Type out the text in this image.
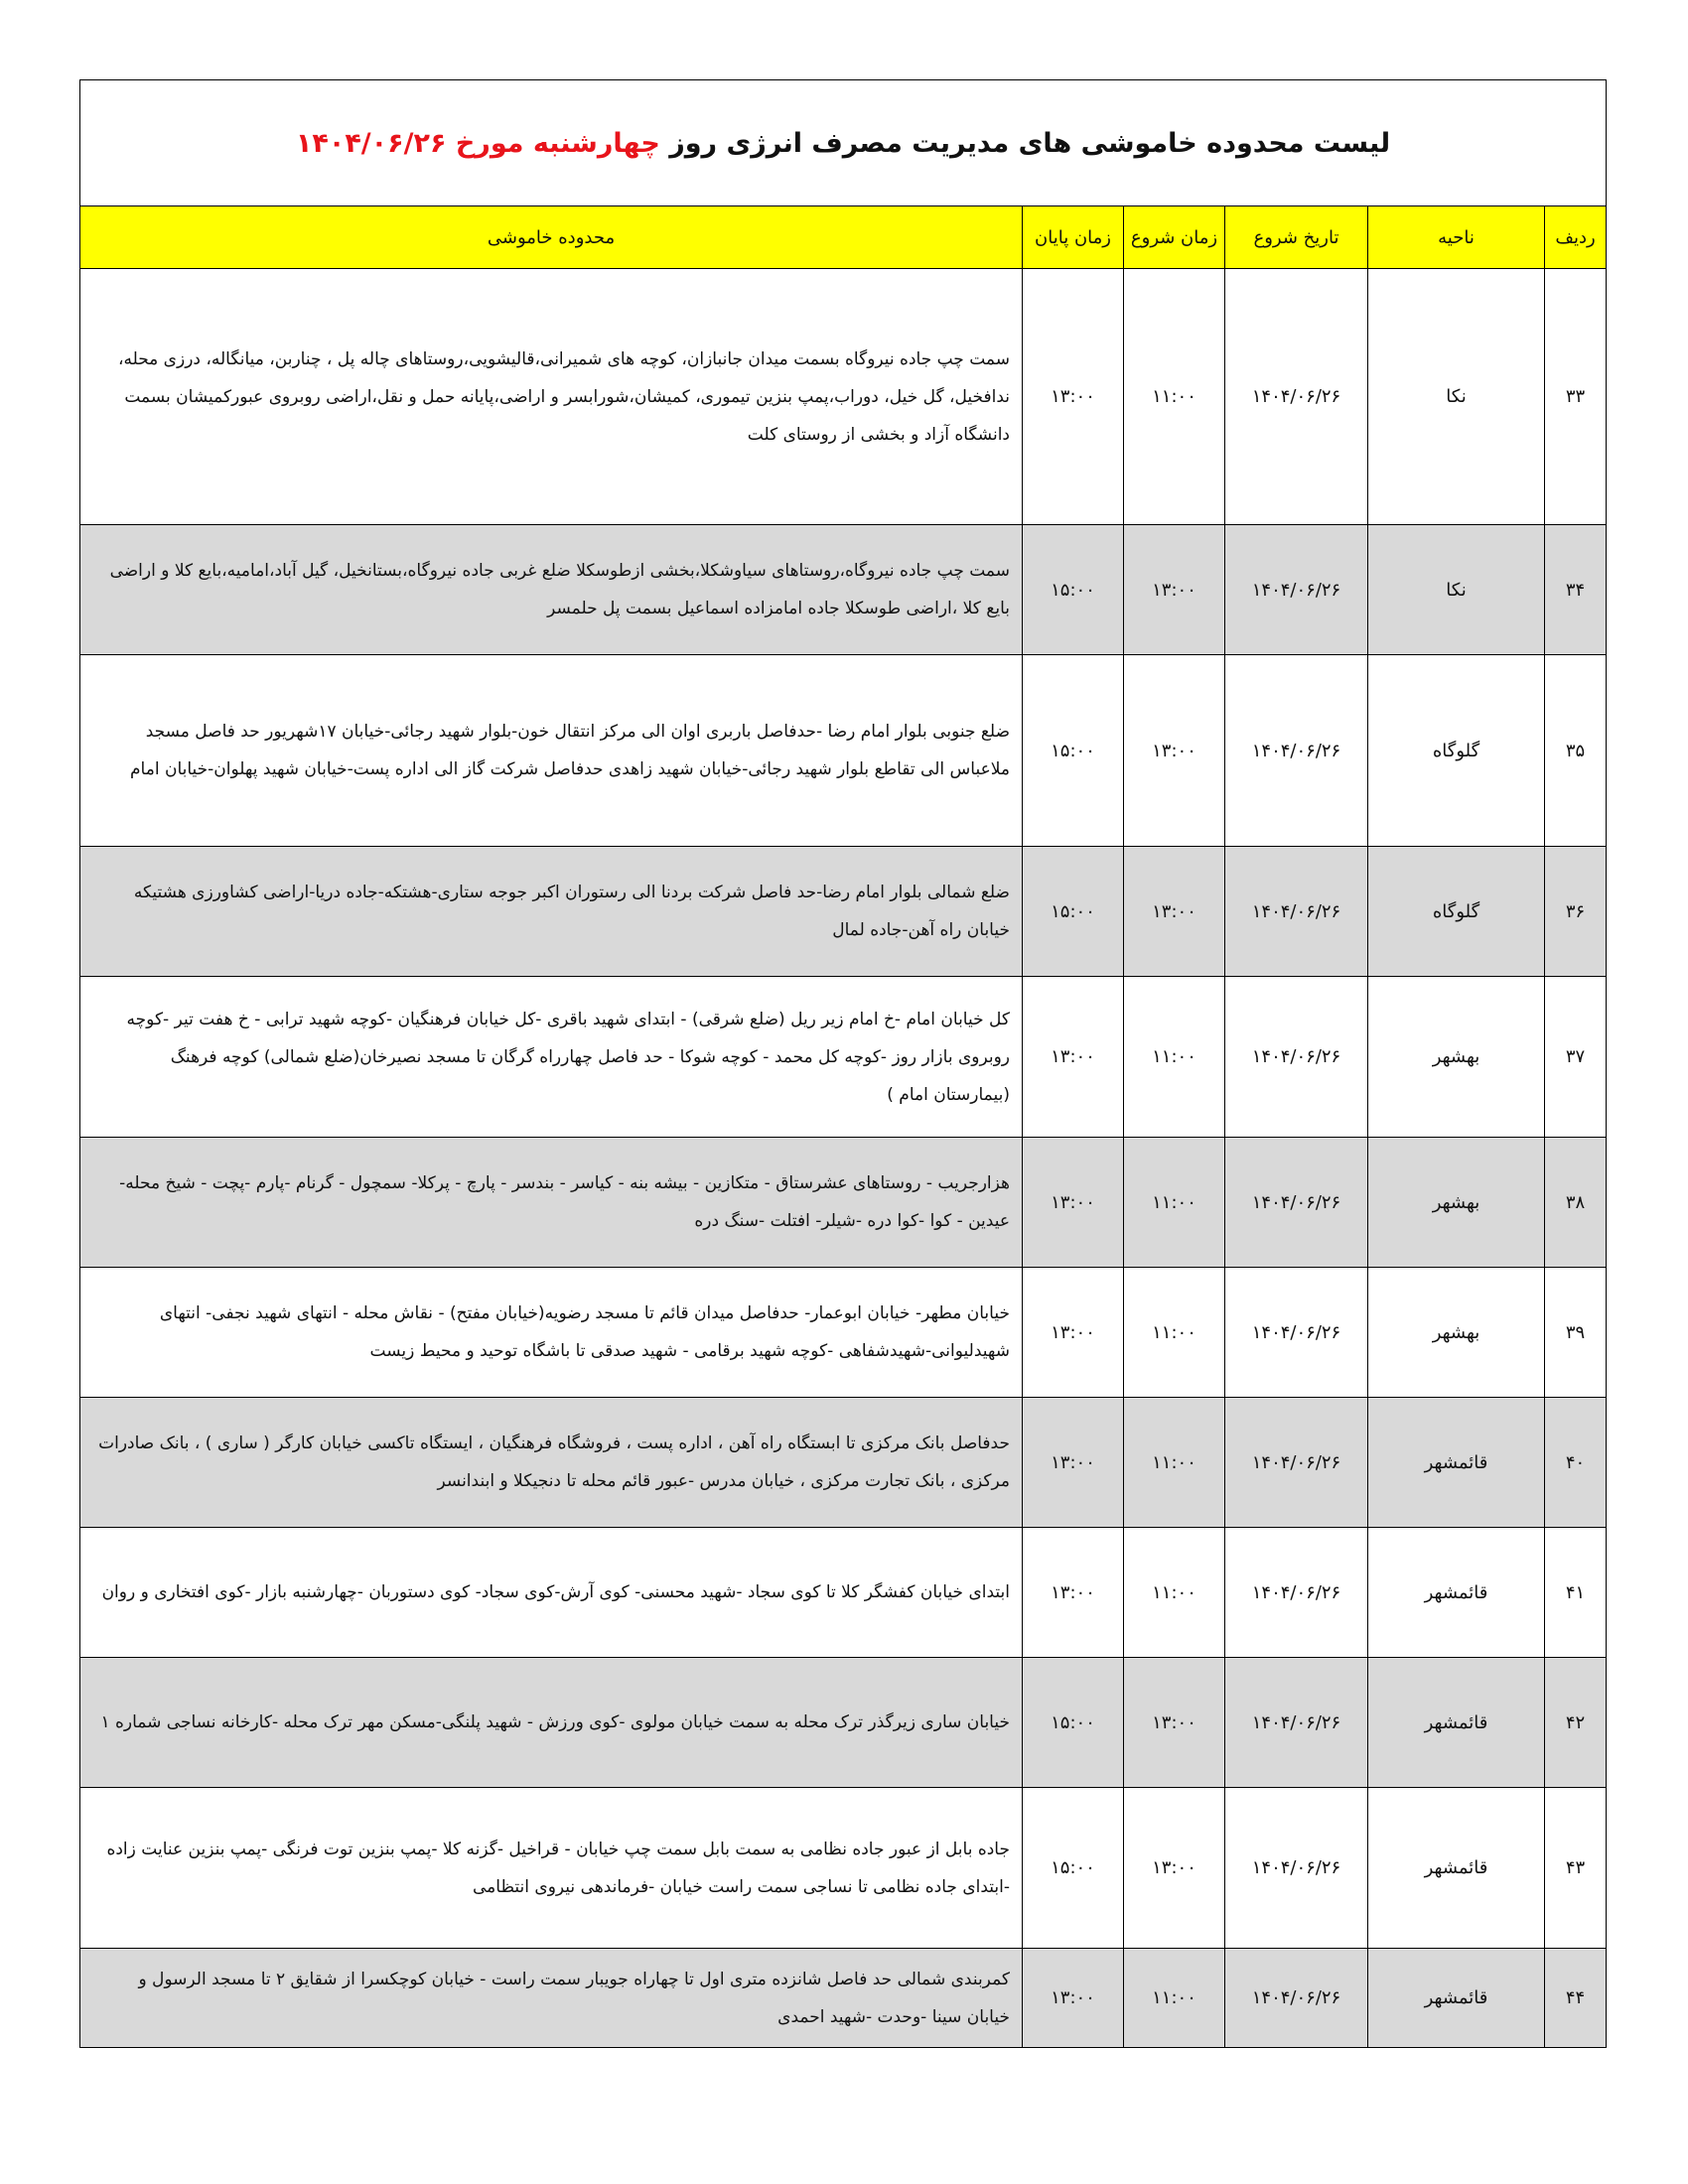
لیست محدوده خاموشی های مدیریت مصرف انرژی روز چهارشنبه مورخ ۱۴۰۴/۰۶/۲۶					
ردیف	ناحیه	تاریخ شروع	زمان شروع	زمان پایان	محدوده خاموشی
۳۳	نکا	۱۴۰۴/۰۶/۲۶	۱۱:۰۰	۱۳:۰۰	سمت چپ جاده نیروگاه بسمت میدان جانبازان، کوچه های شمیرانی،قالیشویی،روستاهای چاله پل ، چناربن، میانگاله، درزی محله، ندافخیل، گل خیل، دوراب،پمپ بنزین تیموری، کمیشان،شورابسر و اراضی،پایانه حمل و نقل،اراضی روبروی عبورکمیشان بسمت دانشگاه آزاد و بخشی از روستای کلت
۳۴	نکا	۱۴۰۴/۰۶/۲۶	۱۳:۰۰	۱۵:۰۰	سمت چپ جاده نیروگاه،روستاهای سیاوشکلا،بخشی ازطوسکلا ضلع غربی جاده نیروگاه،بستانخیل، گیل آباد،امامیه،بایع کلا و اراضی بایع کلا ،اراضی طوسکلا جاده امامزاده اسماعیل بسمت پل حلمسر
۳۵	گلوگاه	۱۴۰۴/۰۶/۲۶	۱۳:۰۰	۱۵:۰۰	ضلع جنوبی بلوار امام رضا -حدفاصل باربری اوان الی مرکز انتقال خون-بلوار شهید رجائی-خیابان ۱۷شهریور حد فاصل مسجد ملاعباس الی تقاطع بلوار شهید رجائی-خیابان شهید زاهدی حدفاصل شرکت گاز الی اداره پست-خیابان شهید پهلوان-خیابان امام
۳۶	گلوگاه	۱۴۰۴/۰۶/۲۶	۱۳:۰۰	۱۵:۰۰	ضلع شمالی بلوار امام رضا-حد فاصل شرکت بردنا الی رستوران اکبر جوجه ستاری-هشتکه-جاده دریا-اراضی کشاورزی هشتیکه خیابان راه آهن-جاده لمال
۳۷	بهشهر	۱۴۰۴/۰۶/۲۶	۱۱:۰۰	۱۳:۰۰	کل خیابان امام -خ امام زیر ریل (ضلع شرقی) - ابتدای شهید باقری -کل خیابان فرهنگیان -کوچه شهید ترابی - خ هفت تیر -کوچه روبروی بازار روز -کوچه کل محمد - کوچه شوکا - حد فاصل چهارراه گرگان تا مسجد نصیرخان(ضلع شمالی) کوچه فرهنگ (بیمارستان امام )
۳۸	بهشهر	۱۴۰۴/۰۶/۲۶	۱۱:۰۰	۱۳:۰۰	هزارجریب - روستاهای عشرستاق - متکازین - بیشه بنه - کیاسر - بندسر - پارچ - پرکلا- سمچول - گرنام -پارم -پچت - شیخ محله- عیدین - کوا -کوا دره -شیلر- افتلت -سنگ دره
۳۹	بهشهر	۱۴۰۴/۰۶/۲۶	۱۱:۰۰	۱۳:۰۰	خیابان مطهر- خیابان ابوعمار- حدفاصل میدان قائم تا مسجد رضویه(خیابان مفتح) - نقاش محله - انتهای شهید نجفی- انتهای شهیدلیوانی-شهیدشفاهی -کوچه شهید برقامی - شهید صدقی تا باشگاه توحید و محیط زیست
۴۰	قائمشهر	۱۴۰۴/۰۶/۲۶	۱۱:۰۰	۱۳:۰۰	حدفاصل بانک مرکزی تا ابستگاه راه آهن ، اداره پست ، فروشگاه فرهنگیان ، ایستگاه تاکسی خیابان کارگر ( ساری ) ، بانک صادرات مرکزی ، بانک تجارت مرکزی ، خیابان مدرس -عبور قائم محله تا دنجیکلا و ابندانسر
۴۱	قائمشهر	۱۴۰۴/۰۶/۲۶	۱۱:۰۰	۱۳:۰۰	ابتدای خیابان کفشگر کلا تا کوی سجاد -شهید محسنی- کوی آرش-کوی سجاد- کوی دستوربان -چهارشنبه بازار -کوی افتخاری و روان
۴۲	قائمشهر	۱۴۰۴/۰۶/۲۶	۱۳:۰۰	۱۵:۰۰	خیابان ساری زیرگذر ترک محله به سمت خیابان مولوی -کوی ورزش - شهید پلنگی-مسکن مهر ترک محله -کارخانه نساجی شماره ۱
۴۳	قائمشهر	۱۴۰۴/۰۶/۲۶	۱۳:۰۰	۱۵:۰۰	جاده بابل از عبور جاده نظامی به سمت بابل سمت چپ خیابان - قراخیل -گزنه کلا -پمپ بنزین توت فرنگی -پمپ بنزین عنایت زاده -ابتدای جاده نظامی تا نساجی سمت راست خیابان -فرماندهی نیروی انتظامی
۴۴	قائمشهر	۱۴۰۴/۰۶/۲۶	۱۱:۰۰	۱۳:۰۰	کمربندی شمالی حد فاصل شانزده متری اول تا چهاراه جویبار سمت راست - خیابان کوچکسرا از شقایق ۲ تا مسجد الرسول و خیابان سینا -وحدت -شهید احمدی
